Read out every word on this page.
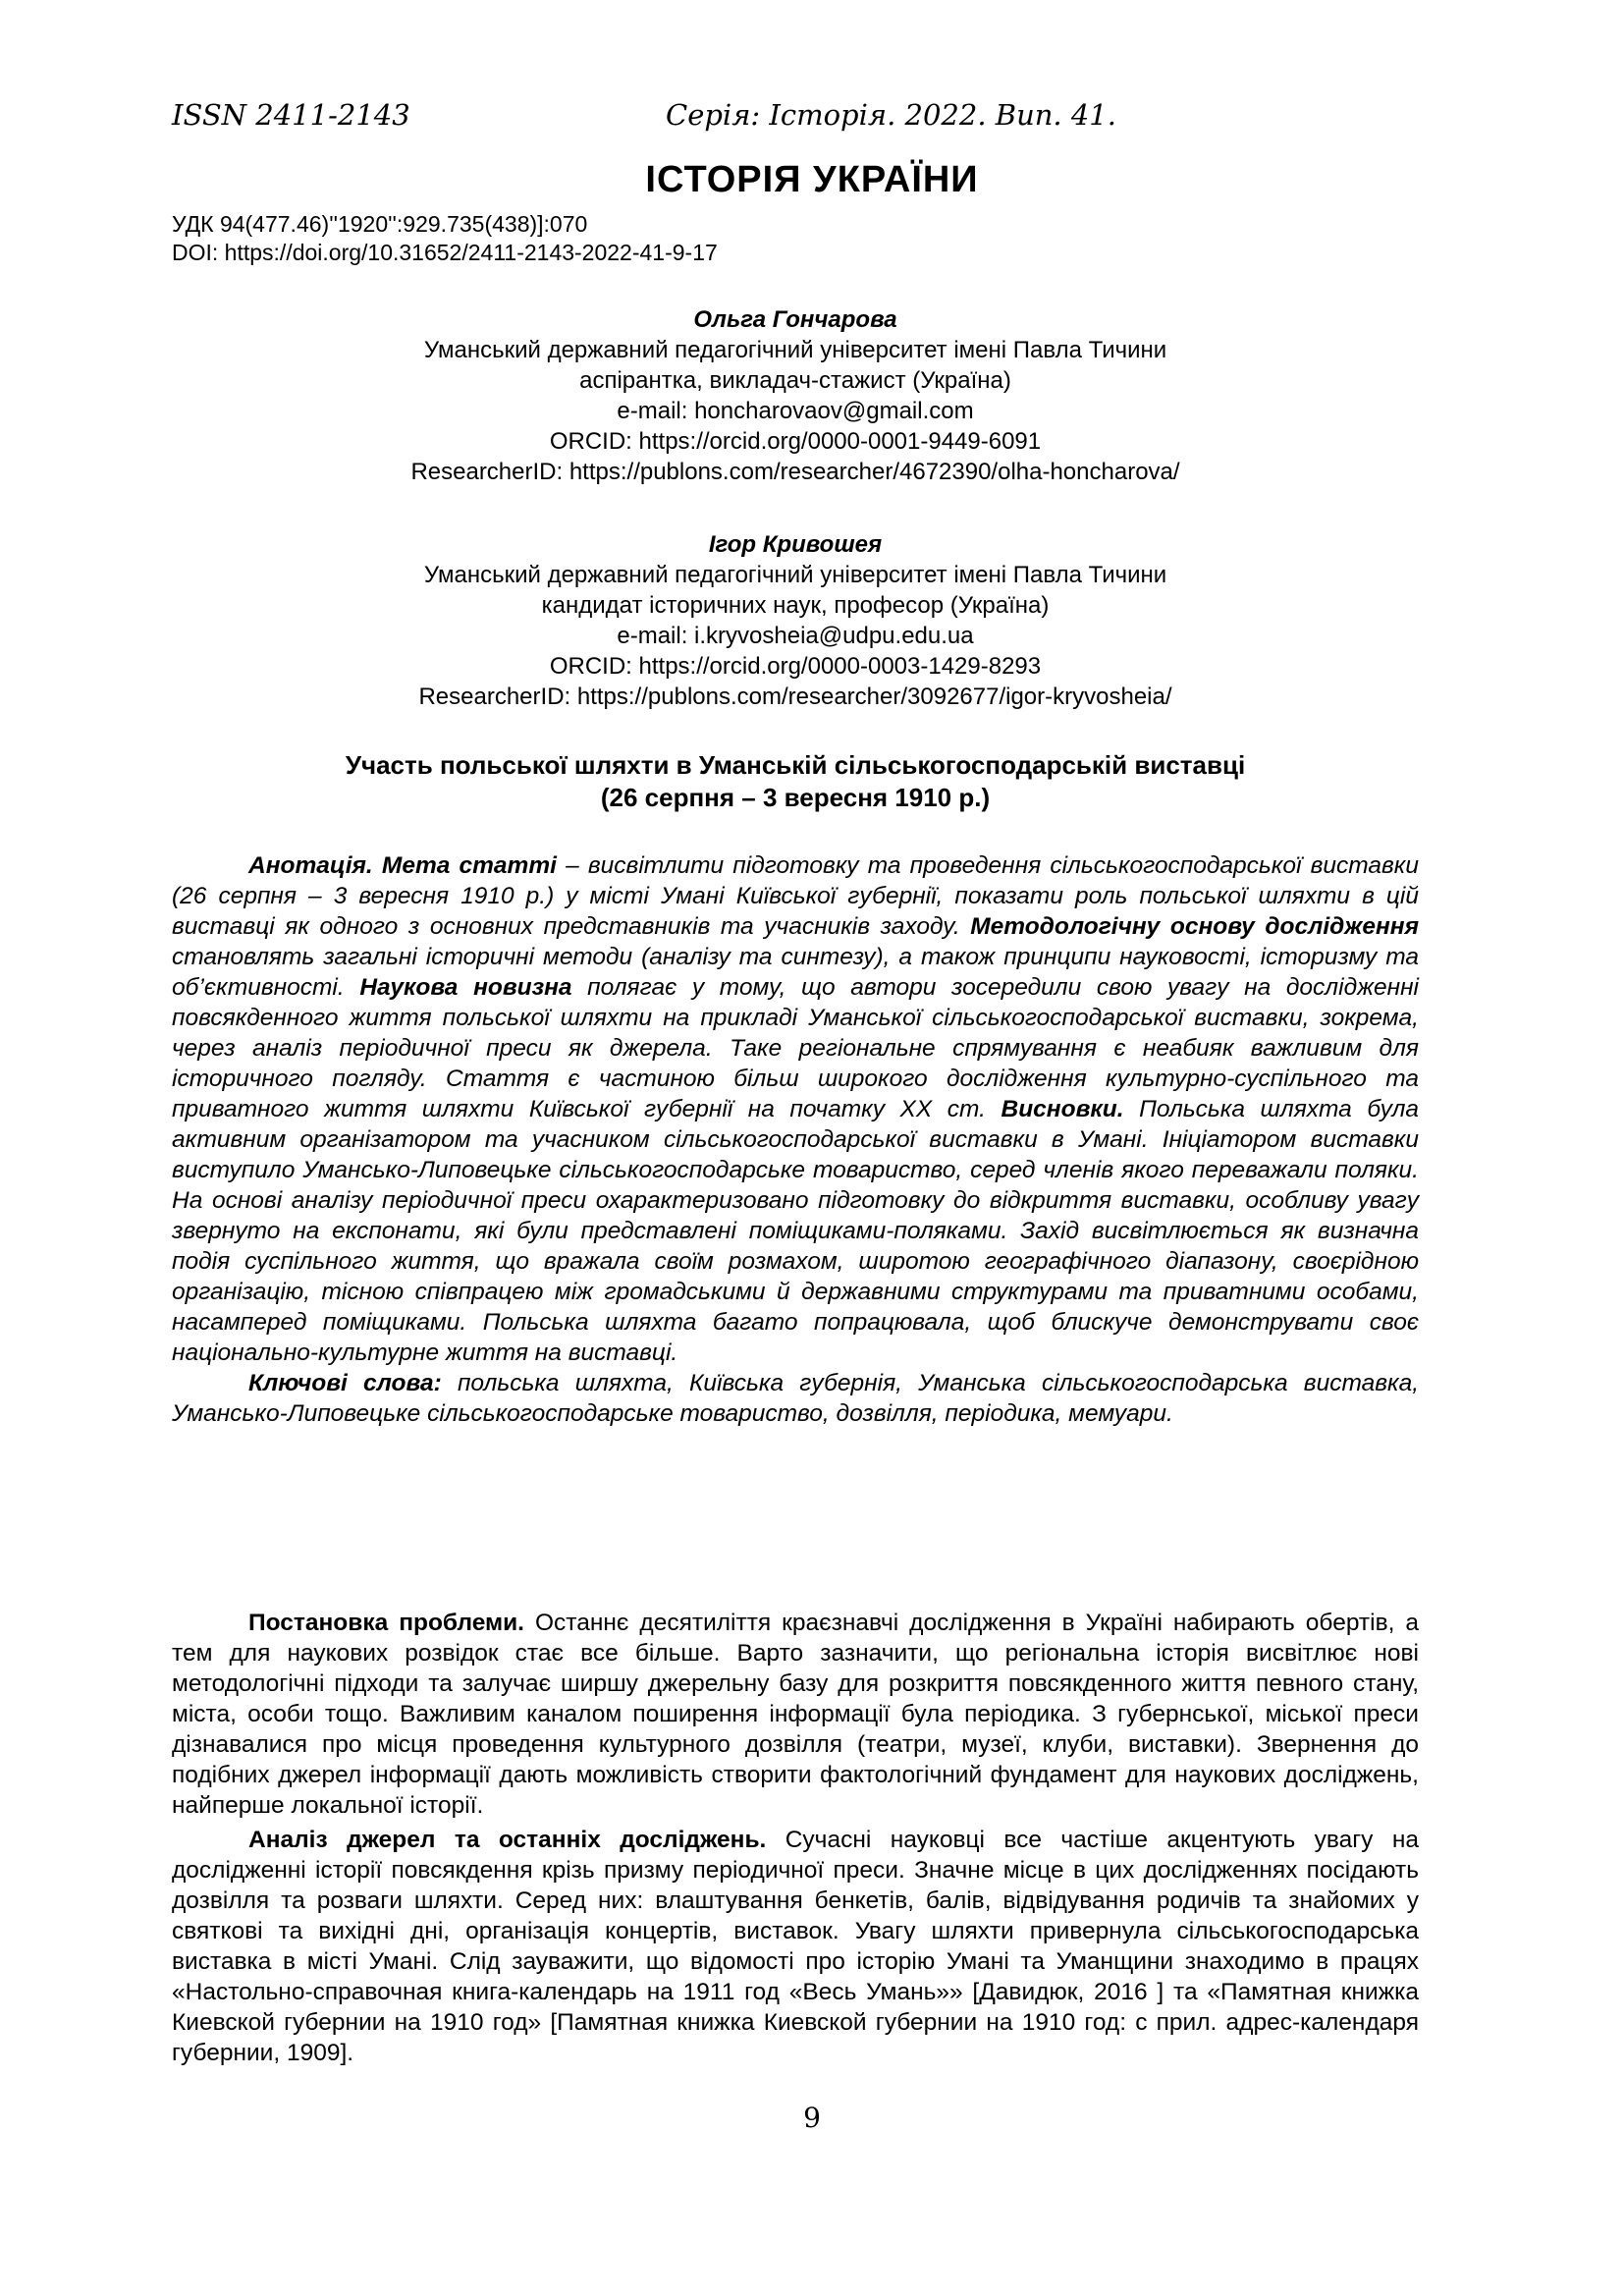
ISSN 2411-2143	Серія: Історія. 2022. Вип. 41.
ІСТОРІЯ УКРАЇНИ
УДК 94(477.46)''1920'':929.735(438)]:070
DOI: https://doi.org/10.31652/2411-2143-2022-41-9-17
Ольга Гончарова
Уманський державний педагогічний університет імені Павла Тичини
аспірантка, викладач-стажист (Україна)
e-mail: honcharovaov@gmail.com
ORCID: https://orcid.org/0000-0001-9449-6091
ResearcherID: https://publons.com/researcher/4672390/olha-honcharova/
Ігор Кривошея
Уманський державний педагогічний університет імені Павла Тичини
кандидат історичних наук, професор (Україна)
e-mail: i.kryvosheia@udpu.edu.ua
ORCID: https://orcid.org/0000-0003-1429-8293
ResearcherID: https://publons.com/researcher/3092677/igor-kryvosheia/
Участь польської шляхти в Уманській сільськогосподарській виставці
(26 серпня – 3 вересня 1910 р.)

Анотація. Мета статті – висвітлити підготовку та проведення сільськогосподарської виставки (26 серпня – 3 вересня 1910 р.) у місті Умані Київської губернії, показати роль польської шляхти в цій виставці як одного з основних представників та учасників заходу. Методологічну основу дослідження становлять загальні історичні методи (аналізу та синтезу), а також принципи науковості, історизму та об’єктивності. Наукова новизна полягає у тому, що автори зосередили свою увагу на дослідженні повсякденного життя польської шляхти на прикладі Уманської сільськогосподарської виставки, зокрема, через аналіз періодичної преси як джерела. Таке регіональне спрямування є неабияк важливим для історичного погляду. Стаття є частиною більш широкого дослідження культурно-суспільного та приватного життя шляхти Київської губернії на початку ХХ ст. Висновки. Польська шляхта була активним організатором та учасником сільськогосподарської виставки в Умані. Ініціатором виставки виступило Умансько-Липовецьке сільськогосподарське товариство, серед членів якого переважали поляки. На основі аналізу періодичної преси охарактеризовано підготовку до відкриття виставки, особливу увагу звернуто на експонати, які були представлені поміщиками-поляками. Захід висвітлюється як визначна подія суспільного життя, що вражала своїм розмахом, широтою географічного діапазону, своєрідною організацію, тісною співпрацею між громадськими й державними структурами та приватними особами, насамперед поміщиками. Польська шляхта багато попрацювала, щоб блискуче демонструвати своє національно-культурне життя на виставці.

Ключові слова: польська шляхта, Київська губернія, Уманська сільськогосподарська виставка, Умансько-Липовецьке сільськогосподарське товариство, дозвілля, періодика, мемуари.

Постановка проблеми. Останнє десятиліття краєзнавчі дослідження в Україні набирають обертів, а тем для наукових розвідок стає все більше. Варто зазначити, що регіональна історія висвітлює нові методологічні підходи та залучає ширшу джерельну базу для розкриття повсякденного життя певного стану, міста, особи тощо. Важливим каналом поширення інформації була періодика. З губернської, міської преси дізнавалися про місця проведення культурного дозвілля (театри, музеї, клуби, виставки). Звернення до подібних джерел інформації дають можливість створити фактологічний фундамент для наукових досліджень, найперше локальної історії.

Аналіз джерел та останніх досліджень. Сучасні науковці все частіше акцентують увагу на дослідженні історії повсякдення крізь призму періодичної преси. Значне місце в цих дослідженнях посідають дозвілля та розваги шляхти. Серед них: влаштування бенкетів, балів, відвідування родичів та знайомих у святкові та вихідні дні, організація концертів, виставок. Увагу шляхти привернула сільськогосподарська виставка в місті Умані. Слід зауважити, що відомості про історію Умані та Уманщини знаходимо в працях «Настольно-справочная книга-календарь на 1911 год «Весь Умань»» [Давидюк, 2016 ] та «Памятная книжка Киевской губернии на 1910 год» [Памятная книжка Киевской губернии на 1910 год: с прил. адрес-календаря губернии, 1909].

9
